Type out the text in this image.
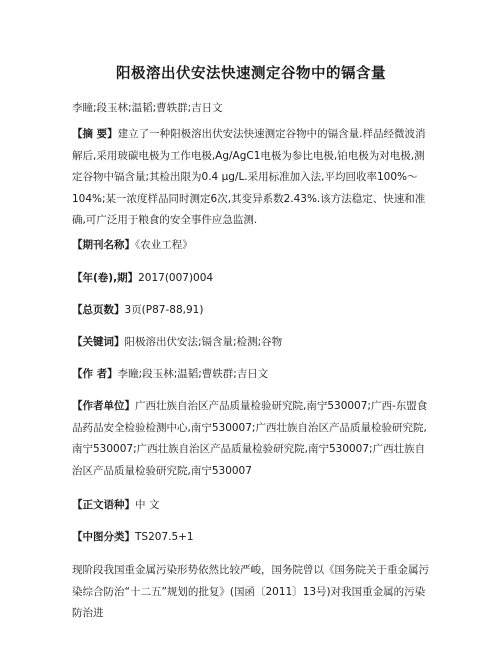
阳极溶出伏安法快速测定谷物中的镉含量
李瞳;段玉林;温韬;曹轶群;吉日文
【摘 要】建立了一种阳极溶出伏安法快速测定谷物中的镉含量.样品经微波消解后,采用玻碳电极为工作电极,Ag/AgC1电极为参比电极,铂电极为对电极,测定谷物中镉含量;其检出限为0.4 μg/L.采用标准加入法,平均回收率100%～104%;某一浓度样品同时测定6次,其变异系数2.43%.该方法稳定、快速和准确,可广泛用于粮食的安全事件应急监测.
【期刊名称】《农业工程》
【年(卷),期】2017(007)004
【总页数】3页(P87-88,91)
【关键词】阳极溶出伏安法;镉含量;检测;谷物
【作 者】李瞳;段玉林;温韬;曹轶群;吉日文
【作者单位】广西壮族自治区产品质量检验研究院,南宁530007;广西-东盟食品药品安全检验检测中心,南宁530007;广西壮族自治区产品质量检验研究院,南宁530007;广西壮族自治区产品质量检验研究院,南宁530007;广西壮族自治区产品质量检验研究院,南宁530007
【正文语种】中 文
【中图分类】TS207.5+1
现阶段我国重金属污染形势依然比较严峻，国务院曾以《国务院关于重金属污染综合防治“十二五”规划的批复》(国函〔2011〕13号)对我国重金属的污染防治进
